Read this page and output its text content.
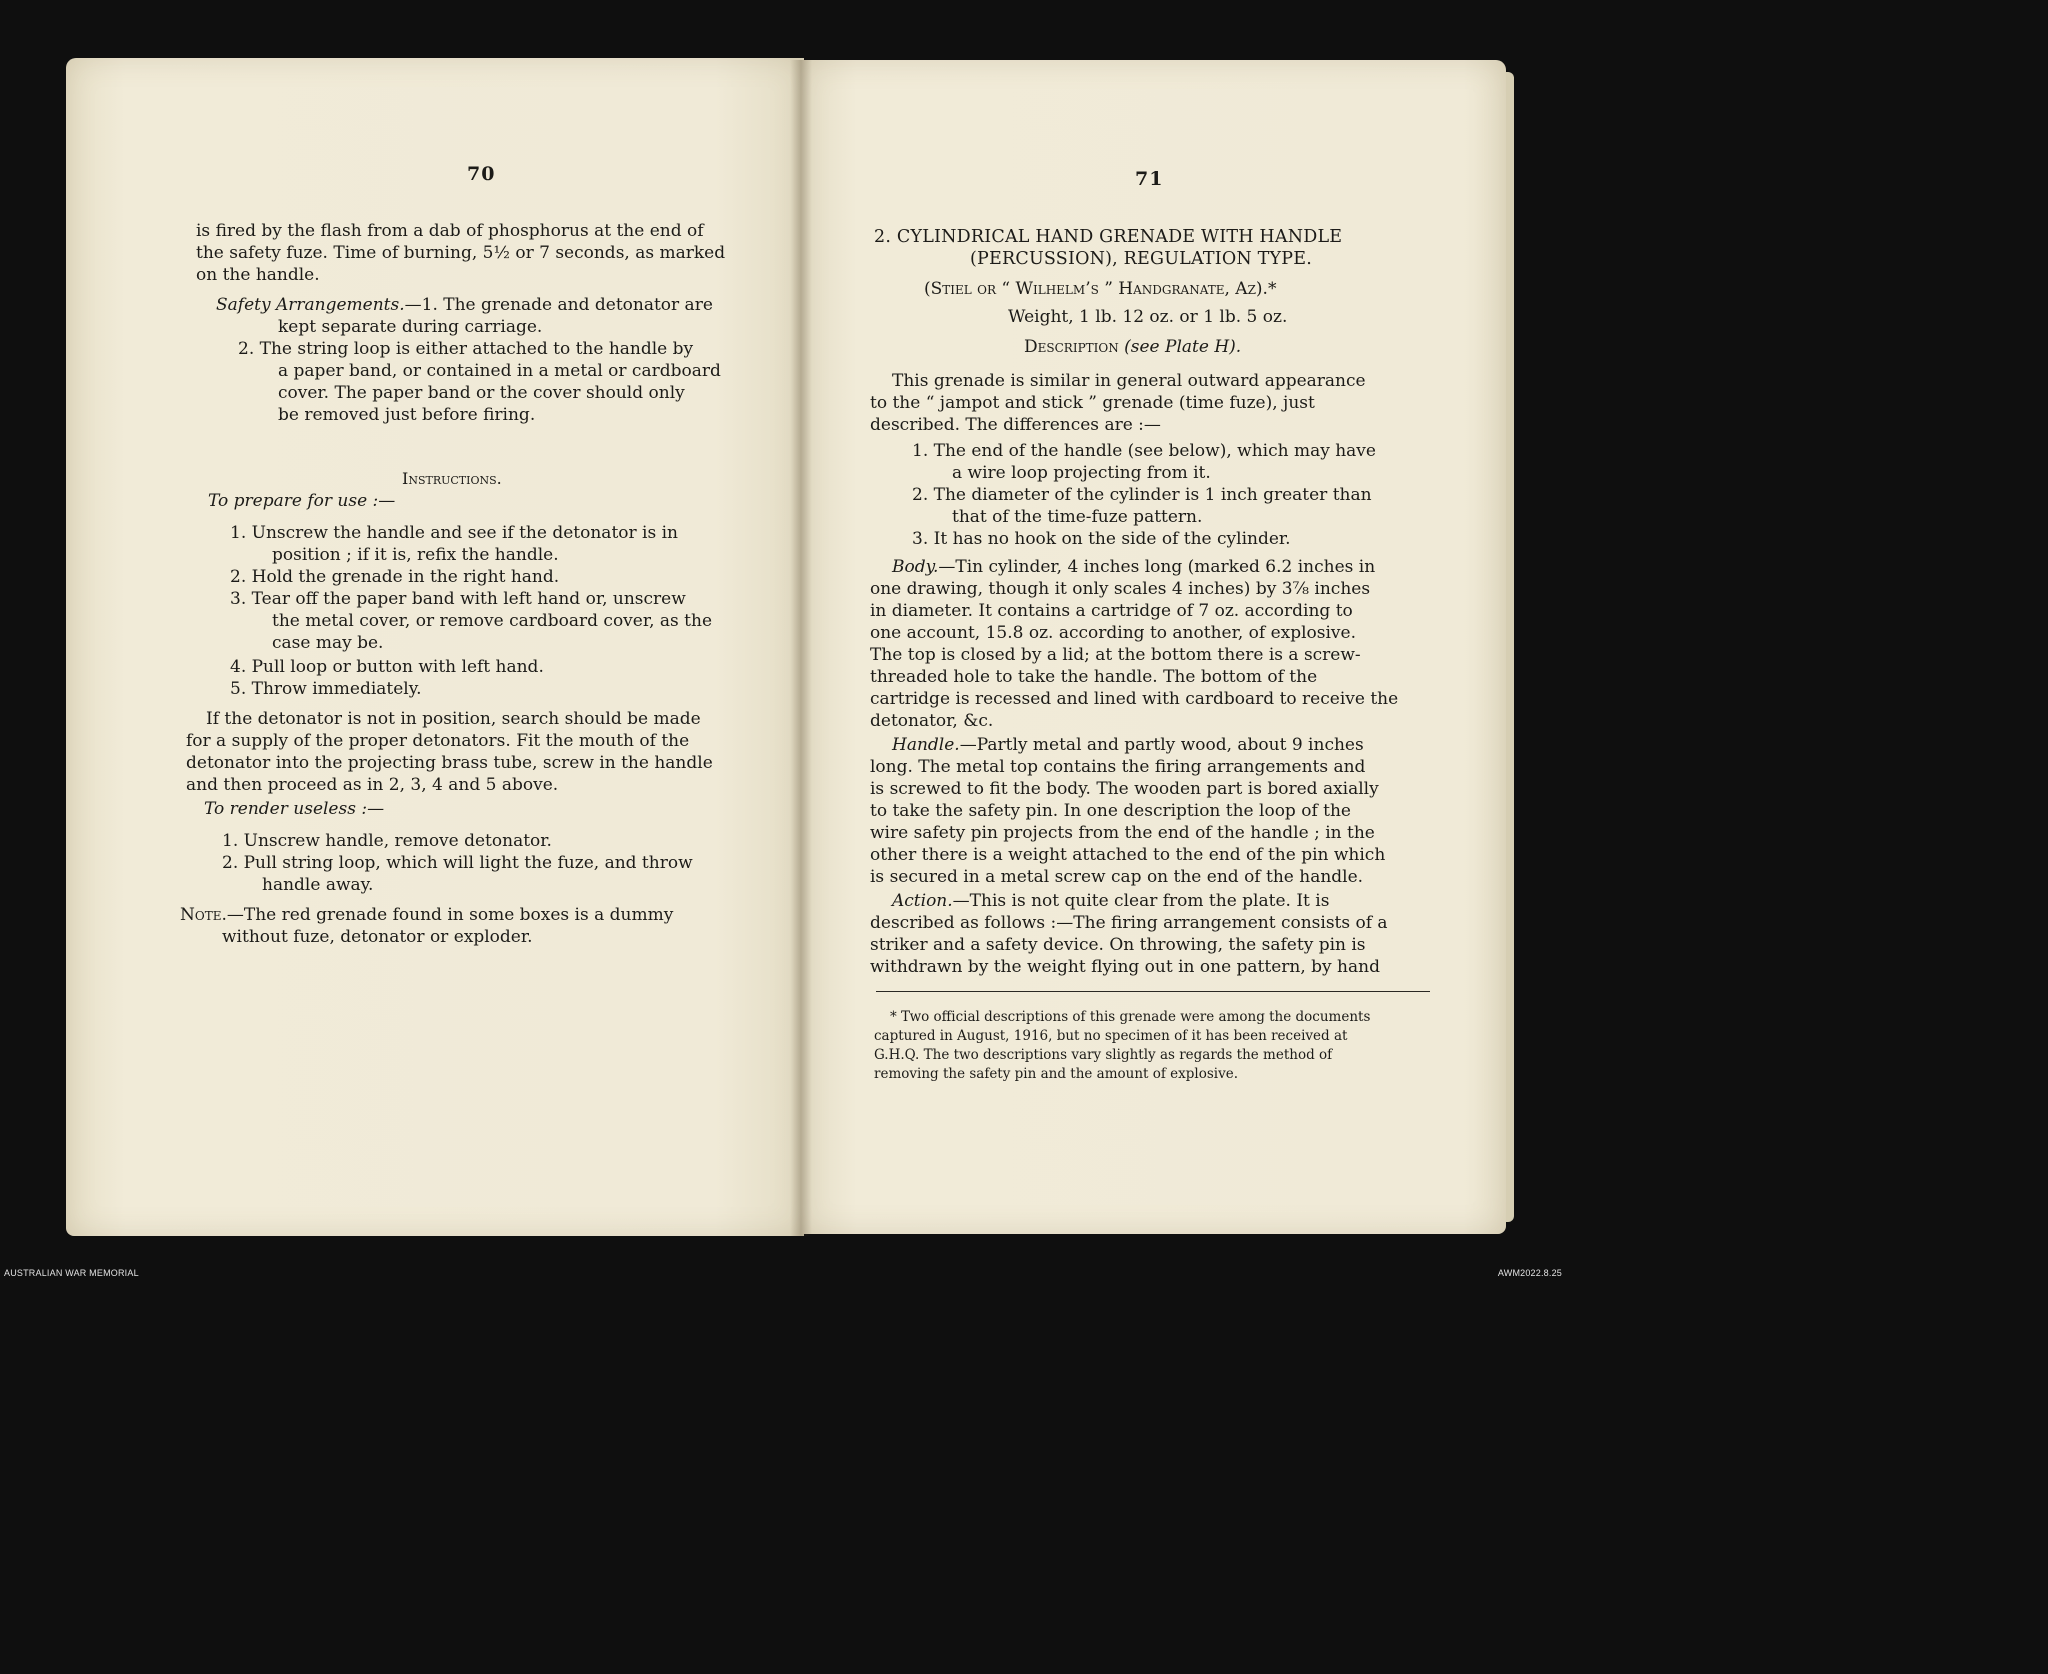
70

is fired by the flash from a dab of phosphorus at the end of

the safety fuze. Time of burning, 5½ or 7 seconds, as marked

on the handle.

Safety Arrangements.—1. The grenade and detonator are

kept separate during carriage.

2. The string loop is either attached to the handle by

a paper band, or contained in a metal or cardboard

cover. The paper band or the cover should only

be removed just before firing.

Instructions.

To prepare for use :—

1. Unscrew the handle and see if the detonator is in

position ; if it is, refix the handle.

2. Hold the grenade in the right hand.

3. Tear off the paper band with left hand or, unscrew

the metal cover, or remove cardboard cover, as the

case may be.

4. Pull loop or button with left hand.

5. Throw immediately.

If the detonator is not in position, search should be made

for a supply of the proper detonators. Fit the mouth of the

detonator into the projecting brass tube, screw in the handle

and then proceed as in 2, 3, 4 and 5 above.

To render useless :—

1. Unscrew handle, remove detonator.

2. Pull string loop, which will light the fuze, and throw

handle away.

Note.—The red grenade found in some boxes is a dummy

without fuze, detonator or exploder.

71

2. CYLINDRICAL HAND GRENADE WITH HANDLE

(PERCUSSION), REGULATION TYPE.

(Stiel or “ Wilhelm’s ” Handgranate, Az).*

Weight, 1 lb. 12 oz. or 1 lb. 5 oz.

Description (see Plate H).

This grenade is similar in general outward appearance

to the “ jampot and stick ” grenade (time fuze), just

described. The differences are :—

1. The end of the handle (see below), which may have

a wire loop projecting from it.

2. The diameter of the cylinder is 1 inch greater than

that of the time-fuze pattern.

3. It has no hook on the side of the cylinder.

Body.—Tin cylinder, 4 inches long (marked 6.2 inches in

one drawing, though it only scales 4 inches) by 3⅞ inches

in diameter. It contains a cartridge of 7 oz. according to

one account, 15.8 oz. according to another, of explosive.

The top is closed by a lid; at the bottom there is a screw-

threaded hole to take the handle. The bottom of the

cartridge is recessed and lined with cardboard to receive the

detonator, &c.

Handle.—Partly metal and partly wood, about 9 inches

long. The metal top contains the firing arrangements and

is screwed to fit the body. The wooden part is bored axially

to take the safety pin. In one description the loop of the

wire safety pin projects from the end of the handle ; in the

other there is a weight attached to the end of the pin which

is secured in a metal screw cap on the end of the handle.

Action.—This is not quite clear from the plate. It is

described as follows :—The firing arrangement consists of a

striker and a safety device. On throwing, the safety pin is

withdrawn by the weight flying out in one pattern, by hand

* Two official descriptions of this grenade were among the documents

captured in August, 1916, but no specimen of it has been received at

G.H.Q. The two descriptions vary slightly as regards the method of

removing the safety pin and the amount of explosive.

AUSTRALIAN WAR MEMORIAL	AWM2022.8.25
